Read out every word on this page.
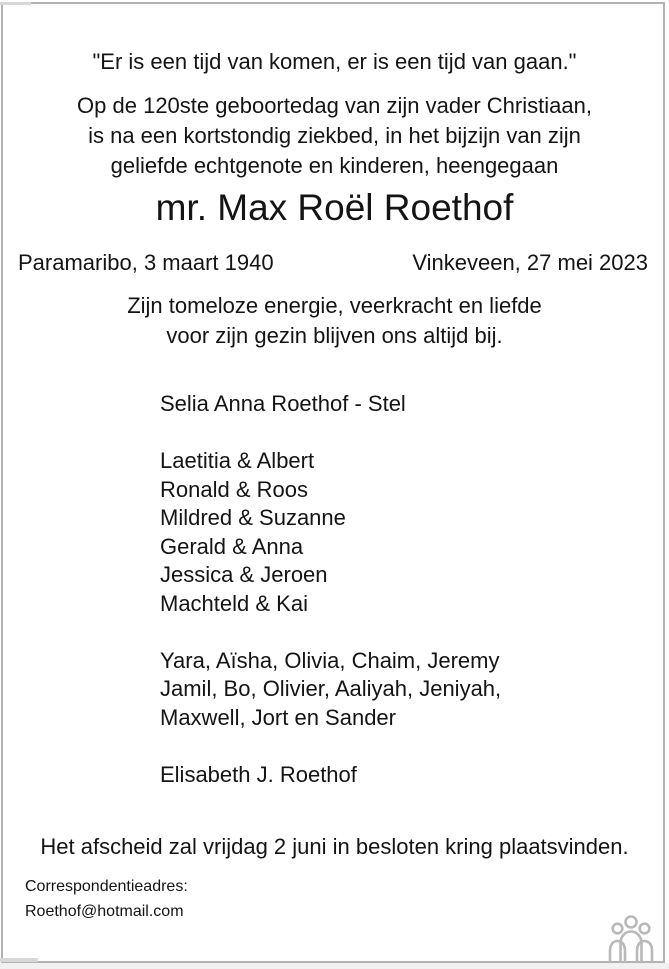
"Er is een tijd van komen, er is een tijd van gaan."
Op de 120ste geboortedag van zijn vader Christiaan,
is na een kortstondig ziekbed, in het bijzijn van zijn
geliefde echtgenote en kinderen, heengegaan
mr. Max Roël Roethof
Paramaribo, 3 maart 1940	Vinkeveen, 27 mei 2023
Zijn tomeloze energie, veerkracht en liefde
voor zijn gezin blijven ons altijd bij.
Selia Anna Roethof - Stel
Laetitia & Albert
Ronald & Roos
Mildred & Suzanne
Gerald & Anna
Jessica & Jeroen
Machteld & Kai
Yara, Aïsha, Olivia, Chaim, Jeremy
Jamil, Bo, Olivier, Aaliyah, Jeniyah,
Maxwell, Jort en Sander
Elisabeth J. Roethof
Het afscheid zal vrijdag 2 juni in besloten kring plaatsvinden.
Correspondentieadres:
Roethof@hotmail.com
